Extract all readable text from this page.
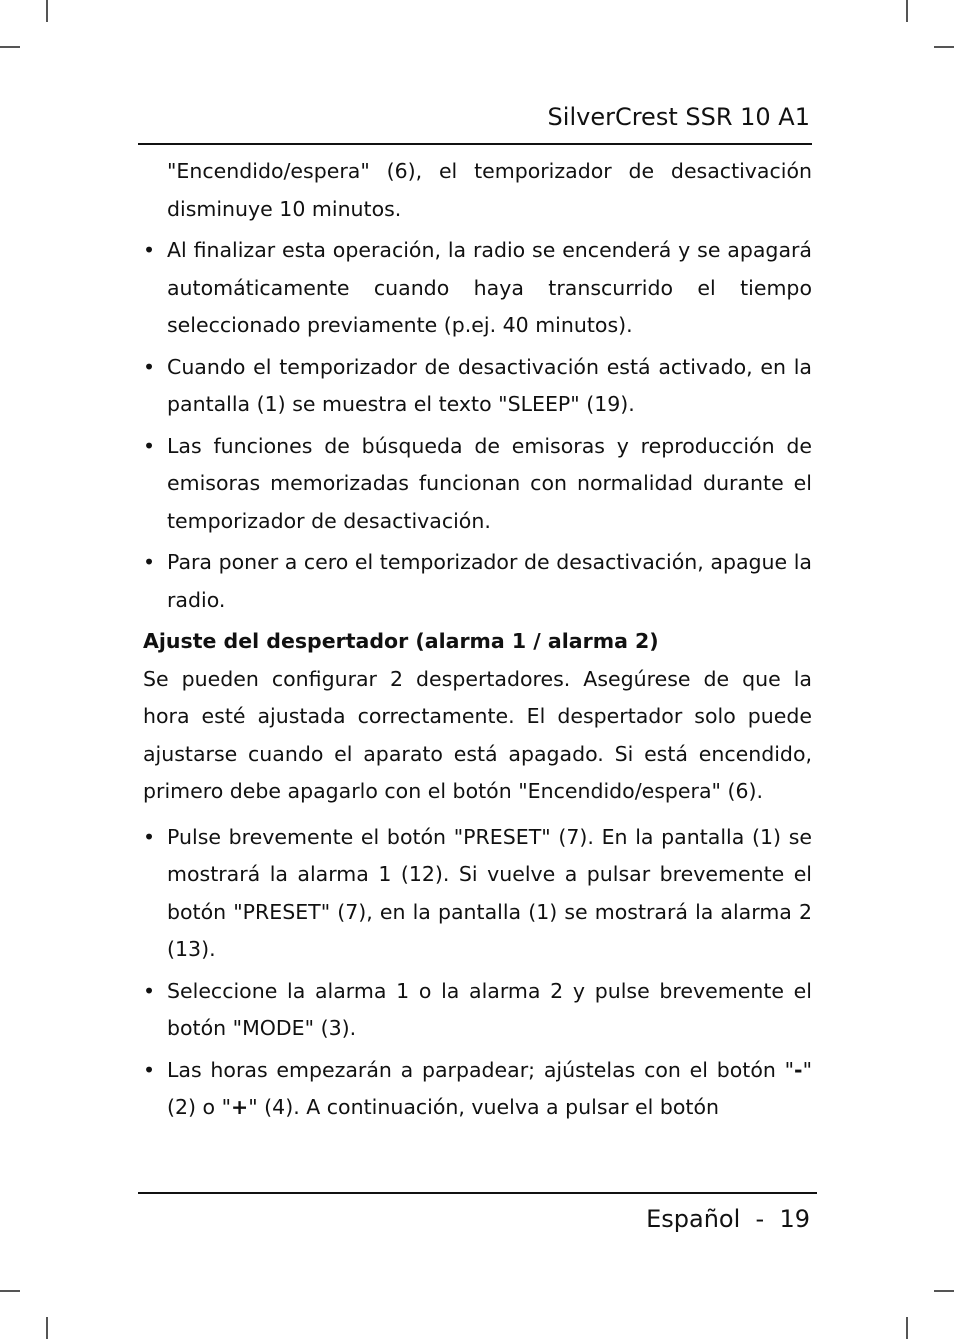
SilverCrest SSR 10 A1

"Encendido/espera" (6), el temporizador de desactivación disminuye 10 minutos.

• Al finalizar esta operación, la radio se encenderá y se apagará automáticamente cuando haya transcurrido el tiempo seleccionado previamente (p.ej. 40 minutos).
• Cuando el temporizador de desactivación está activado, en la pantalla (1) se muestra el texto "SLEEP" (19).
• Las funciones de búsqueda de emisoras y reproducción de emisoras memorizadas funcionan con normalidad durante el temporizador de desactivación.
• Para poner a cero el temporizador de desactivación, apague la radio.
Ajuste del despertador (alarma 1 / alarma 2)

Se pueden configurar 2 despertadores. Asegúrese de que la hora esté ajustada correctamente. El despertador solo puede ajustarse cuando el aparato está apagado. Si está encendido, primero debe apagarlo con el botón "Encendido/espera" (6).

• Pulse brevemente el botón "PRESET" (7). En la pantalla (1) se mostrará la alarma 1 (12). Si vuelve a pulsar brevemente el botón "PRESET" (7), en la pantalla (1) se mostrará la alarma 2 (13).
• Seleccione la alarma 1 o la alarma 2 y pulse brevemente el botón "MODE" (3).
• Las horas empezarán a parpadear; ajústelas con el botón "-" (2) o "+" (4). A continuación, vuelva a pulsar el botón
Español  -  19
